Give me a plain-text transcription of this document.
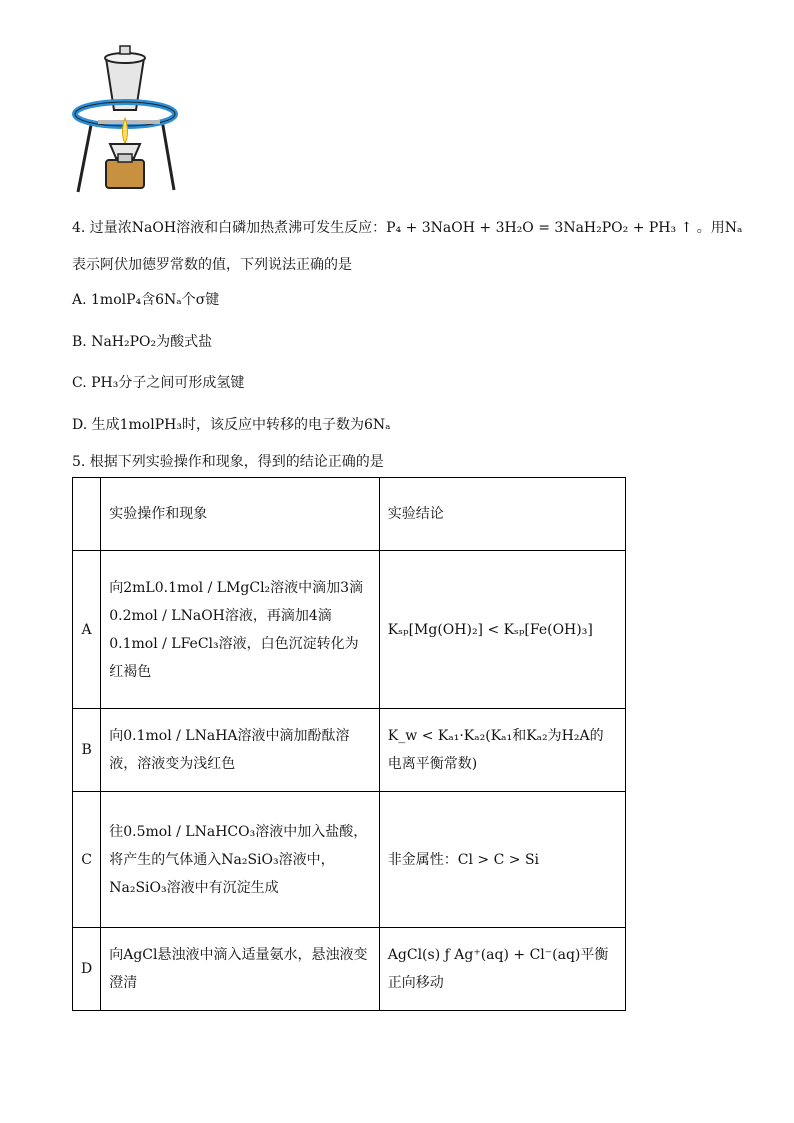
4. 过量浓NaOH溶液和白磷加热煮沸可发生反应：P₄ + 3NaOH + 3H₂O = 3NaH₂PO₂ + PH₃ ↑ 。用Nₐ
表示阿伏加德罗常数的值，下列说法正确的是
A. 1molP₄含6Nₐ个σ键
B. NaH₂PO₂为酸式盐
C. PH₃分子之间可形成氢键
D. 生成1molPH₃时，该反应中转移的电子数为6Nₐ
5. 根据下列实验操作和现象，得到的结论正确的是
	实验操作和现象	实验结论
A	向2mL0.1mol / LMgCl₂溶液中滴加3滴0.2mol / LNaOH溶液，再滴加4滴0.1mol / LFeCl₃溶液，白色沉淀转化为红褐色	Kₛₚ[Mg(OH)₂] < Kₛₚ[Fe(OH)₃]
B	向0.1mol / LNaHA溶液中滴加酚酞溶液，溶液变为浅红色	K_w < Kₐ₁·Kₐ₂(Kₐ₁和Kₐ₂为H₂A的电离平衡常数)
C	往0.5mol / LNaHCO₃溶液中加入盐酸，将产生的气体通入Na₂SiO₃溶液中，Na₂SiO₃溶液中有沉淀生成	非金属性：Cl > C > Si
D	向AgCl悬浊液中滴入适量氨水，悬浊液变澄清	AgCl(s) ƒ Ag⁺(aq) + Cl⁻(aq)平衡正向移动
